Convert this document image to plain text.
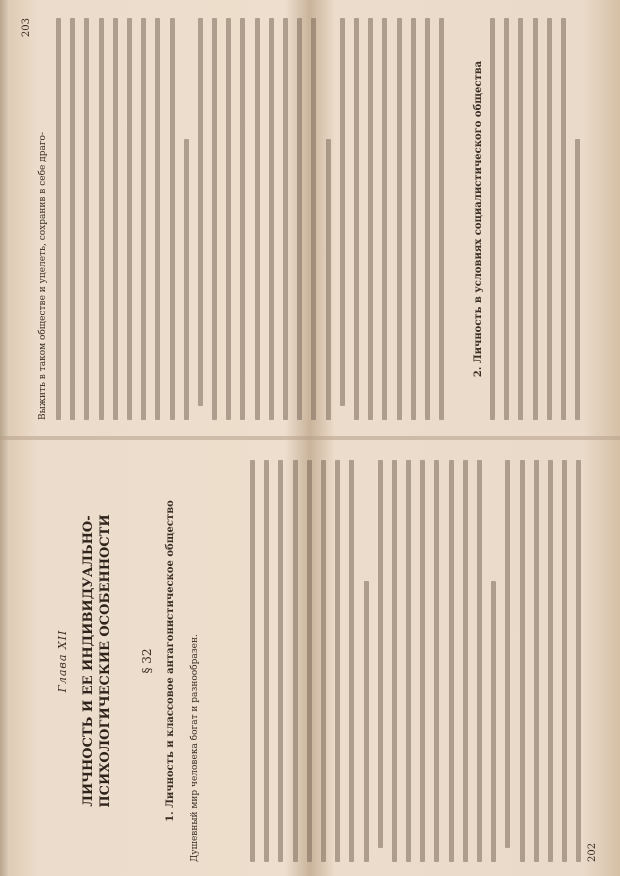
Глава XII ЛИЧНОСТЬ И ЕЕ ИНДИВИДУАЛЬНО-ПСИХОЛОГИЧЕСКИЕ ОСОБЕННОСТИ § 32 1. Личность и классовое антагонистическое общество Душевный мир человека богат и разнообразен.	202
203
Выжить в таком обществе и уцелеть, сохранив в себе драго-	2. Личность в условиях социалистического общества
